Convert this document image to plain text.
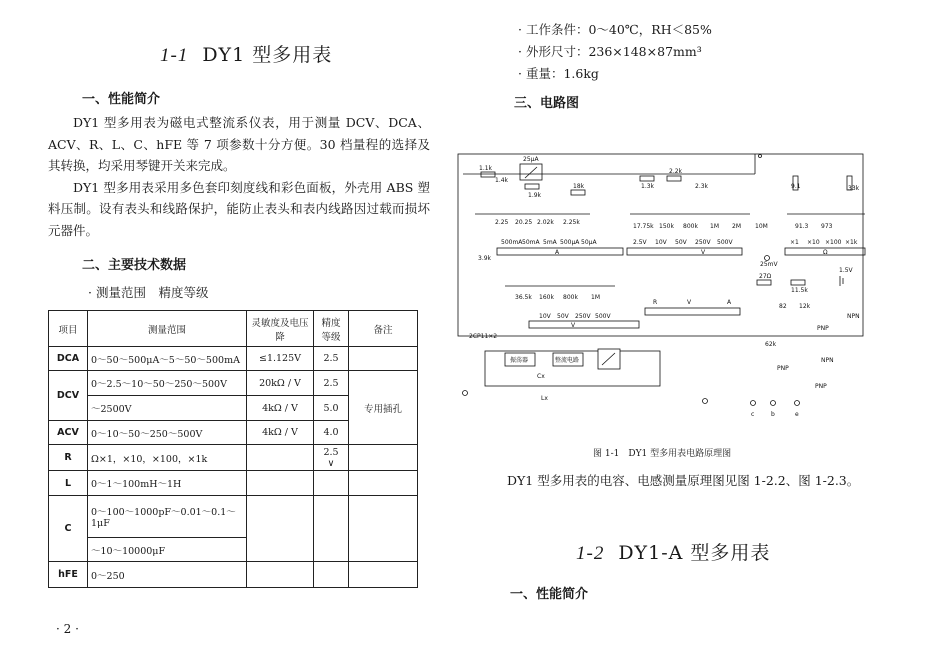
1-1 DY1 型多用表
一、性能简介

DY1 型多用表为磁电式整流系仪表，用于测量 DCV、DCA、ACV、R、L、C、hFE 等 7 项参数十分方便。30 档量程的选择及其转换，均采用琴键开关来完成。

DY1 型多用表采用多色套印刻度线和彩色面板，外壳用 ABS 塑料压制。设有表头和线路保护，能防止表头和表内线路因过载而损坏元器件。

二、主要技术数据
· 测量范围　精度等级
项目	测量范围	灵敏度及电压降	精度等级	备注
DCA	0～50～500μA～5～50～500mA	≤1.125V	2.5	
DCV	0～2.5～10～50～250～500V	20kΩ / V	2.5	专用插孔
	～2500V	4kΩ / V	5.0	
ACV	0～10～50～250～500V	4kΩ / V	4.0	
R	Ω×1，×10，×100，×1k		2.5
∨	
L	0～1～100mH～1H			
C	0～100～1000pF～0.01～0.1～1μF			
	～10～10000μF			
hFE	0～250			
· 2 ·
· 工作条件：0～40℃，RH＜85%
· 外形尺寸：236×148×87mm³
· 重量：1.6kg
三、电路图
1.1k
1.4k
25μA
1.9k
18k	1.3k
2.2k
2.3k	9.1	33k
2.25 20.25 2.02k 2.25k
500mA 50mA 5mA 500μA 50μA
A
3.9k
17.75k 150k 800k 1M 2M
2.5V 10V 50V 250V 500V
V
10M
25mV
91.3 973
×1 ×10 ×100 ×1k
Ω
27Ω
11.5k
1.5V
36.5k 160k 800k 1M
10V 50V 250V 500V
V
2CP11×2
R	V	A
82 12k
62k
PNP
NPN
NPN
PNP
PNP
c	b	e
振荡器	整流电路
Cx
Lx
图 1-1　DY1 型多用表电路原理图

DY1 型多用表的电容、电感测量原理图见图 1-2.2、图 1-2.3。

1-2 DY1-A 型多用表
一、性能简介
